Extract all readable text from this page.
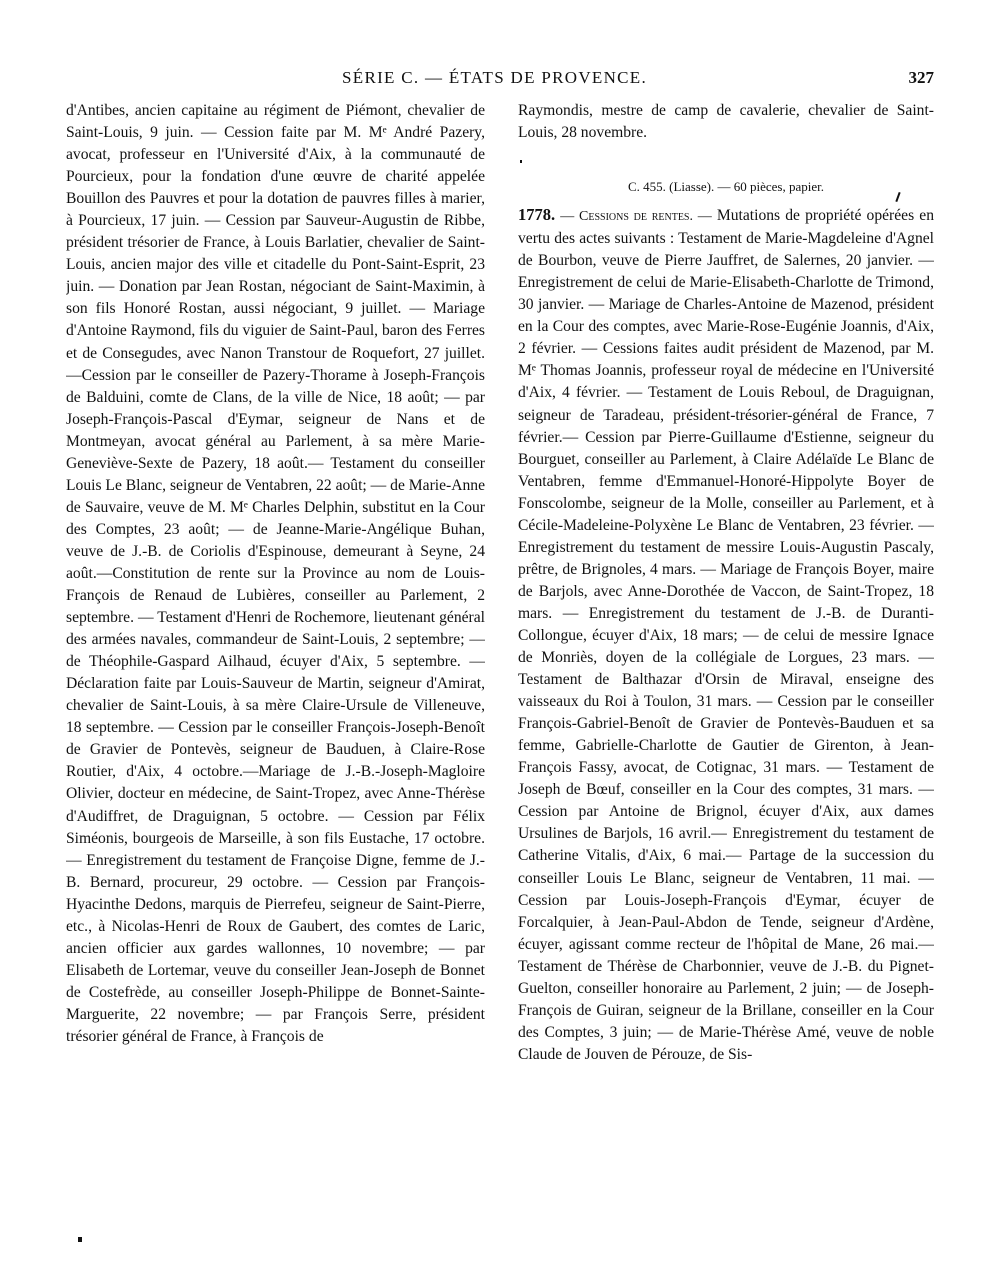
SÉRIE C. — ÉTATS DE PROVENCE.	327

d'Antibes, ancien capitaine au régiment de Piémont, chevalier de Saint-Louis, 9 juin. — Cession faite par M. Mᵉ André Pazery, avocat, professeur en l'Université d'Aix, à la communauté de Pourcieux, pour la fondation d'une œuvre de charité appelée Bouillon des Pauvres et pour la dotation de pauvres filles à marier, à Pourcieux, 17 juin. — Cession par Sauveur-Augustin de Ribbe, président trésorier de France, à Louis Barlatier, chevalier de Saint-Louis, ancien major des ville et citadelle du Pont-Saint-Esprit, 23 juin. — Donation par Jean Rostan, négociant de Saint-Maximin, à son fils Honoré Rostan, aussi négociant, 9 juillet. — Mariage d'Antoine Raymond, fils du viguier de Saint-Paul, baron des Ferres et de Consegudes, avec Nanon Transtour de Roquefort, 27 juillet.—Cession par le conseiller de Pazery-Thorame à Joseph-François de Balduini, comte de Clans, de la ville de Nice, 18 août; — par Joseph-François-Pascal d'Eymar, seigneur de Nans et de Montmeyan, avocat général au Parlement, à sa mère Marie-Geneviève-Sexte de Pazery, 18 août.— Testament du conseiller Louis Le Blanc, seigneur de Ventabren, 22 août; — de Marie-Anne de Sauvaire, veuve de M. Mᵉ Charles Delphin, substitut en la Cour des Comptes, 23 août; — de Jeanne-Marie-Angélique Buhan, veuve de J.-B. de Coriolis d'Espinouse, demeurant à Seyne, 24 août.—Constitution de rente sur la Province au nom de Louis-François de Renaud de Lubières, conseiller au Parlement, 2 septembre. — Testament d'Henri de Rochemore, lieutenant général des armées navales, commandeur de Saint-Louis, 2 septembre; — de Théophile-Gaspard Ailhaud, écuyer d'Aix, 5 septembre. — Déclaration faite par Louis-Sauveur de Martin, seigneur d'Amirat, chevalier de Saint-Louis, à sa mère Claire-Ursule de Villeneuve, 18 septembre. — Cession par le conseiller François-Joseph-Benoît de Gravier de Pontevès, seigneur de Bauduen, à Claire-Rose Routier, d'Aix, 4 octobre.—Mariage de J.-B.-Joseph-Magloire Olivier, docteur en médecine, de Saint-Tropez, avec Anne-Thérèse d'Audiffret, de Draguignan, 5 octobre. — Cession par Félix Siméonis, bourgeois de Marseille, à son fils Eustache, 17 octobre. — Enregistrement du testament de Françoise Digne, femme de J.-B. Bernard, procureur, 29 octobre. — Cession par François-Hyacinthe Dedons, marquis de Pierrefeu, seigneur de Saint-Pierre, etc., à Nicolas-Henri de Roux de Gaubert, des comtes de Laric, ancien officier aux gardes wallonnes, 10 novembre; — par Elisabeth de Lortemar, veuve du conseiller Jean-Joseph de Bonnet de Costefrède, au conseiller Joseph-Philippe de Bonnet-Sainte-Marguerite, 22 novembre; — par François Serre, président trésorier général de France, à François de

Raymondis, mestre de camp de cavalerie, chevalier de Saint-Louis, 28 novembre.

C. 455. (Liasse). — 60 pièces, papier.

1778. — Cessions de rentes. — Mutations de propriété opérées en vertu des actes suivants : Testament de Marie-Magdeleine d'Agnel de Bourbon, veuve de Pierre Jauffret, de Salernes, 20 janvier. — Enregistrement de celui de Marie-Elisabeth-Charlotte de Trimond, 30 janvier. — Mariage de Charles-Antoine de Mazenod, président en la Cour des comptes, avec Marie-Rose-Eugénie Joannis, d'Aix, 2 février. — Cessions faites audit président de Mazenod, par M. Mᵉ Thomas Joannis, professeur royal de médecine en l'Université d'Aix, 4 février. — Testament de Louis Reboul, de Draguignan, seigneur de Taradeau, président-trésorier-général de France, 7 février.— Cession par Pierre-Guillaume d'Estienne, seigneur du Bourguet, conseiller au Parlement, à Claire Adélaïde Le Blanc de Ventabren, femme d'Emmanuel-Honoré-Hippolyte Boyer de Fonscolombe, seigneur de la Molle, conseiller au Parlement, et à Cécile-Madeleine-Polyxène Le Blanc de Ventabren, 23 février. — Enregistrement du testament de messire Louis-Augustin Pascaly, prêtre, de Brignoles, 4 mars. — Mariage de François Boyer, maire de Barjols, avec Anne-Dorothée de Vaccon, de Saint-Tropez, 18 mars. — Enregistrement du testament de J.-B. de Duranti-Collongue, écuyer d'Aix, 18 mars; — de celui de messire Ignace de Monriès, doyen de la collégiale de Lorgues, 23 mars. — Testament de Balthazar d'Orsin de Miraval, enseigne des vaisseaux du Roi à Toulon, 31 mars. — Cession par le conseiller François-Gabriel-Benoît de Gravier de Pontevès-Bauduen et sa femme, Gabrielle-Charlotte de Gautier de Girenton, à Jean-François Fassy, avocat, de Cotignac, 31 mars. — Testament de Joseph de Bœuf, conseiller en la Cour des comptes, 31 mars. — Cession par Antoine de Brignol, écuyer d'Aix, aux dames Ursulines de Barjols, 16 avril.— Enregistrement du testament de Catherine Vitalis, d'Aix, 6 mai.— Partage de la succession du conseiller Louis Le Blanc, seigneur de Ventabren, 11 mai. — Cession par Louis-Joseph-François d'Eymar, écuyer de Forcalquier, à Jean-Paul-Abdon de Tende, seigneur d'Ardène, écuyer, agissant comme recteur de l'hôpital de Mane, 26 mai.— Testament de Thérèse de Charbonnier, veuve de J.-B. du Pignet-Guelton, conseiller honoraire au Parlement, 2 juin; — de Joseph-François de Guiran, seigneur de la Brillane, conseiller en la Cour des Comptes, 3 juin; — de Marie-Thérèse Amé, veuve de noble Claude de Jouven de Pérouze, de Sis-
